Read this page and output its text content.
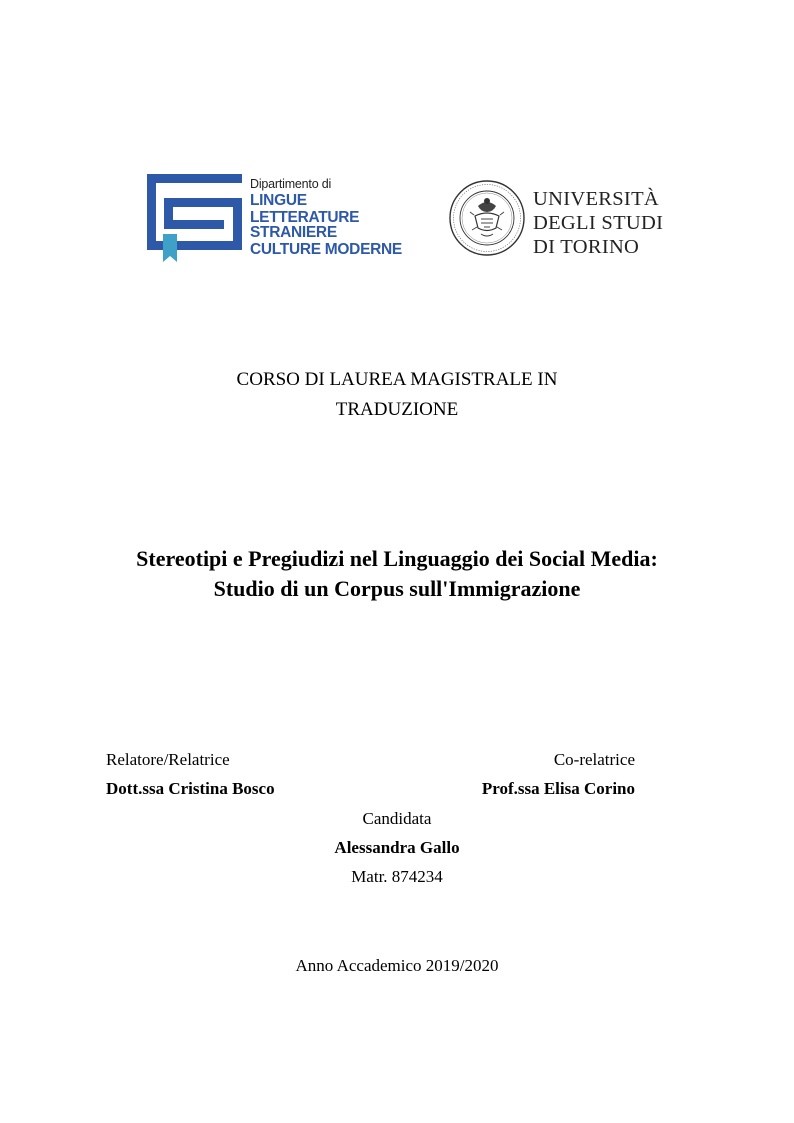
Dipartimento di
LINGUE
LETTERATURE STRANIERE
CULTURE MODERNE
UNIVERSITÀ
DEGLI STUDI
DI TORINO
CORSO DI LAUREA MAGISTRALE IN
TRADUZIONE
Stereotipi e Pregiudizi nel Linguaggio dei Social Media:
Studio di un Corpus sull'Immigrazione
Relatore/Relatrice
Dott.ssa Cristina Bosco
Co-relatrice
Prof.ssa Elisa Corino
Candidata
Alessandra Gallo
Matr. 874234
Anno Accademico 2019/2020
